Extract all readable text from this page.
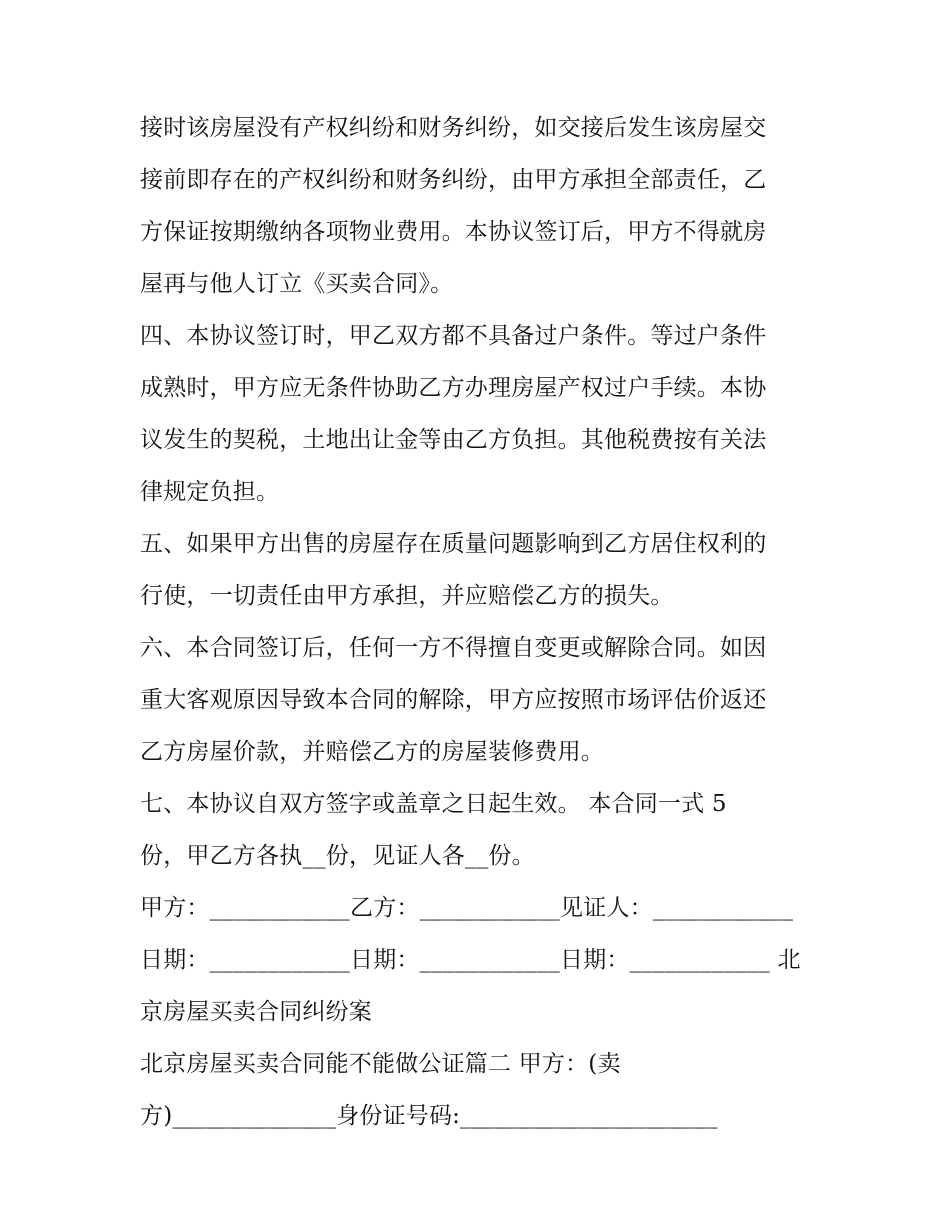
接时该房屋没有产权纠纷和财务纠纷，如交接后发生该房屋交
接前即存在的产权纠纷和财务纠纷，由甲方承担全部责任，乙
方保证按期缴纳各项物业费用。本协议签订后，甲方不得就房
屋再与他人订立《买卖合同》。
四、本协议签订时，甲乙双方都不具备过户条件。等过户条件
成熟时，甲方应无条件协助乙方办理房屋产权过户手续。本协
议发生的契税，土地出让金等由乙方负担。其他税费按有关法
律规定负担。
五、如果甲方出售的房屋存在质量问题影响到乙方居住权利的
行使，一切责任由甲方承担，并应赔偿乙方的损失。
六、本合同签订后，任何一方不得擅自变更或解除合同。如因
重大客观原因导致本合同的解除，甲方应按照市场评估价返还
乙方房屋价款，并赔偿乙方的房屋装修费用。
七、本协议自双方签字或盖章之日起生效。 本合同一式 5
份，甲乙方各执__份，见证人各__份。
甲方：____________乙方：____________见证人：____________
日期：____________日期：____________日期：____________ 北
京房屋买卖合同纠纷案
北京房屋买卖合同能不能做公证篇二 甲方：(卖
方)______________身份证号码:______________________
